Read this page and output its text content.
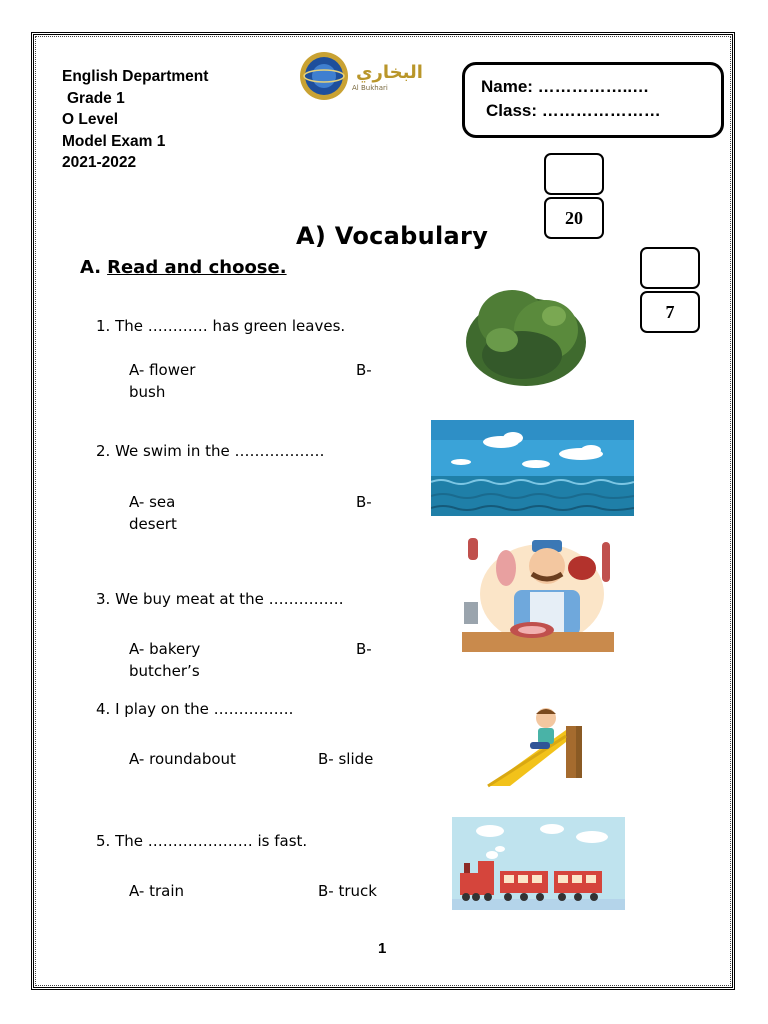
English Department
Grade 1
O Level
Model Exam 1
2021-2022
البخاري
Al Bukhari	Name: ……………..…
Class: …………………
20
7
A) Vocabulary
A. Read and choose.
1. The ………… has green leaves.
A- flower
bush
B-
2. We swim in the ………………
A- sea
desert
B-
3. We buy meat at the ……………
A- bakery
butcher’s
B-
4. I play on the …………….
A- roundabout	B- slide
5. The ………………… is fast.
A- train	B- truck
1
